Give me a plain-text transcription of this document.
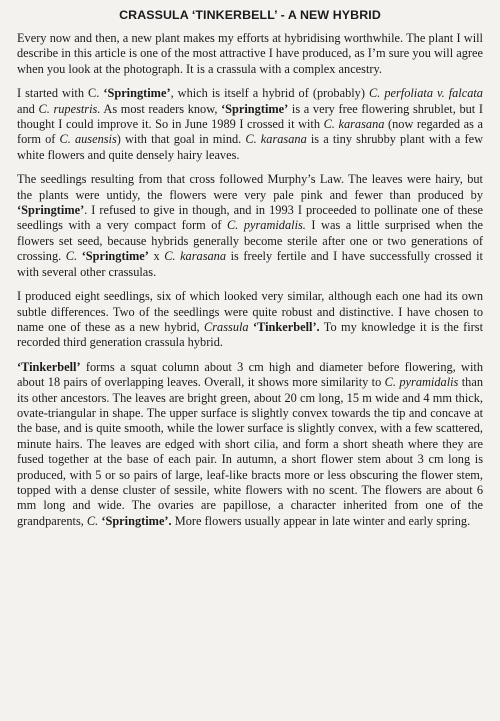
CRASSULA ‘TINKERBELL’ - A NEW HYBRID

Every now and then, a new plant makes my efforts at hybridising worthwhile. The plant I will describe in this article is one of the most attractive I have produced, as I’m sure you will agree when you look at the photograph. It is a crassula with a complex ancestry.

I started with C. ‘Springtime’, which is itself a hybrid of (probably) C. perfoliata v. falcata and C. rupestris. As most readers know, ‘Springtime’ is a very free flowering shrublet, but I thought I could improve it. So in June 1989 I crossed it with C. karasana (now regarded as a form of C. ausensis) with that goal in mind. C. karasana is a tiny shrubby plant with a few white flowers and quite densely hairy leaves.

The seedlings resulting from that cross followed Murphy’s Law. The leaves were hairy, but the plants were untidy, the flowers were very pale pink and fewer than produced by ‘Springtime’. I refused to give in though, and in 1993 I proceeded to pollinate one of these seedlings with a very compact form of C. pyramidalis. I was a little surprised when the flowers set seed, because hybrids generally become sterile after one or two generations of crossing. C. ‘Springtime’ x C. karasana is freely fertile and I have successfully crossed it with several other crassulas.

I produced eight seedlings, six of which looked very similar, although each one had its own subtle differences. Two of the seedlings were quite robust and distinctive. I have chosen to name one of these as a new hybrid, Crassula ‘Tinkerbell’. To my knowledge it is the first recorded third generation crassula hybrid.

‘Tinkerbell’ forms a squat column about 3 cm high and diameter before flowering, with about 18 pairs of overlapping leaves. Overall, it shows more similarity to C. pyramidalis than its other ancestors. The leaves are bright green, about 20 cm long, 15 m wide and 4 mm thick, ovate-triangular in shape. The upper surface is slightly convex towards the tip and concave at the base, and is quite smooth, while the lower surface is slightly convex, with a few scattered, minute hairs. The leaves are edged with short cilia, and form a short sheath where they are fused together at the base of each pair. In autumn, a short flower stem about 3 cm long is produced, with 5 or so pairs of large, leaf-like bracts more or less obscuring the flower stem, topped with a dense cluster of sessile, white flowers with no scent. The flowers are about 6 mm long and wide. The ovaries are papillose, a character inherited from one of the grandparents, C. ‘Springtime’. More flowers usually appear in late winter and early spring.
